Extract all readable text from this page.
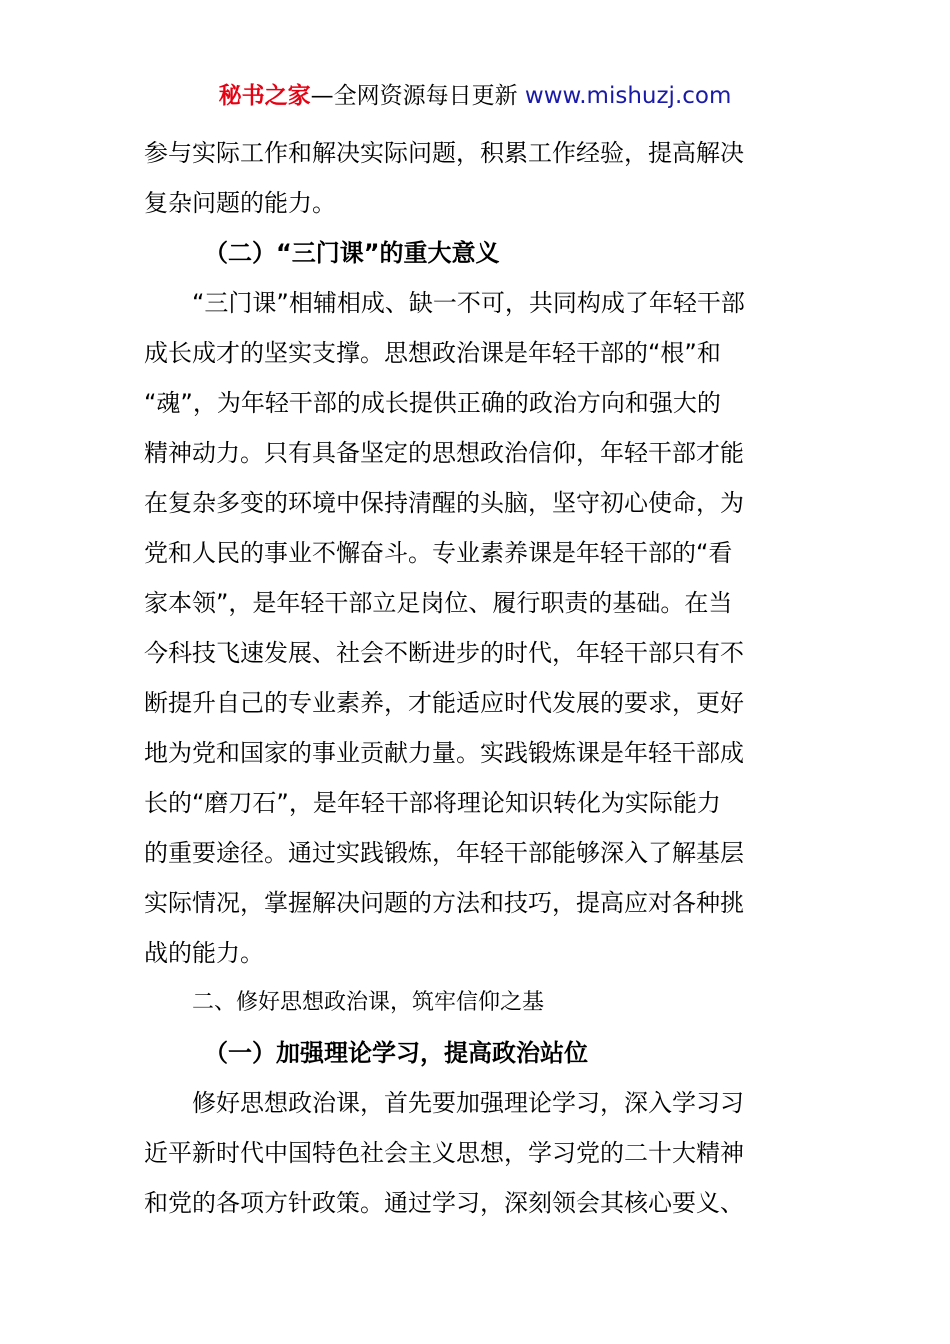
秘书之家—全网资源每日更新 www.mishuzj.com
参与实际工作和解决实际问题，积累工作经验，提高解决
复杂问题的能力。
（二）“三门课”的重大意义
“三门课”相辅相成、缺一不可，共同构成了年轻干部
成长成才的坚实支撑。思想政治课是年轻干部的“根”和
“魂”，为年轻干部的成长提供正确的政治方向和强大的
精神动力。只有具备坚定的思想政治信仰，年轻干部才能
在复杂多变的环境中保持清醒的头脑，坚守初心使命，为
党和人民的事业不懈奋斗。专业素养课是年轻干部的“看
家本领”，是年轻干部立足岗位、履行职责的基础。在当
今科技飞速发展、社会不断进步的时代，年轻干部只有不
断提升自己的专业素养，才能适应时代发展的要求，更好
地为党和国家的事业贡献力量。实践锻炼课是年轻干部成
长的“磨刀石”，是年轻干部将理论知识转化为实际能力
的重要途径。通过实践锻炼，年轻干部能够深入了解基层
实际情况，掌握解决问题的方法和技巧，提高应对各种挑
战的能力。
二、修好思想政治课，筑牢信仰之基
（一）加强理论学习，提高政治站位
修好思想政治课，首先要加强理论学习，深入学习习
近平新时代中国特色社会主义思想，学习党的二十大精神
和党的各项方针政策。通过学习，深刻领会其核心要义、
